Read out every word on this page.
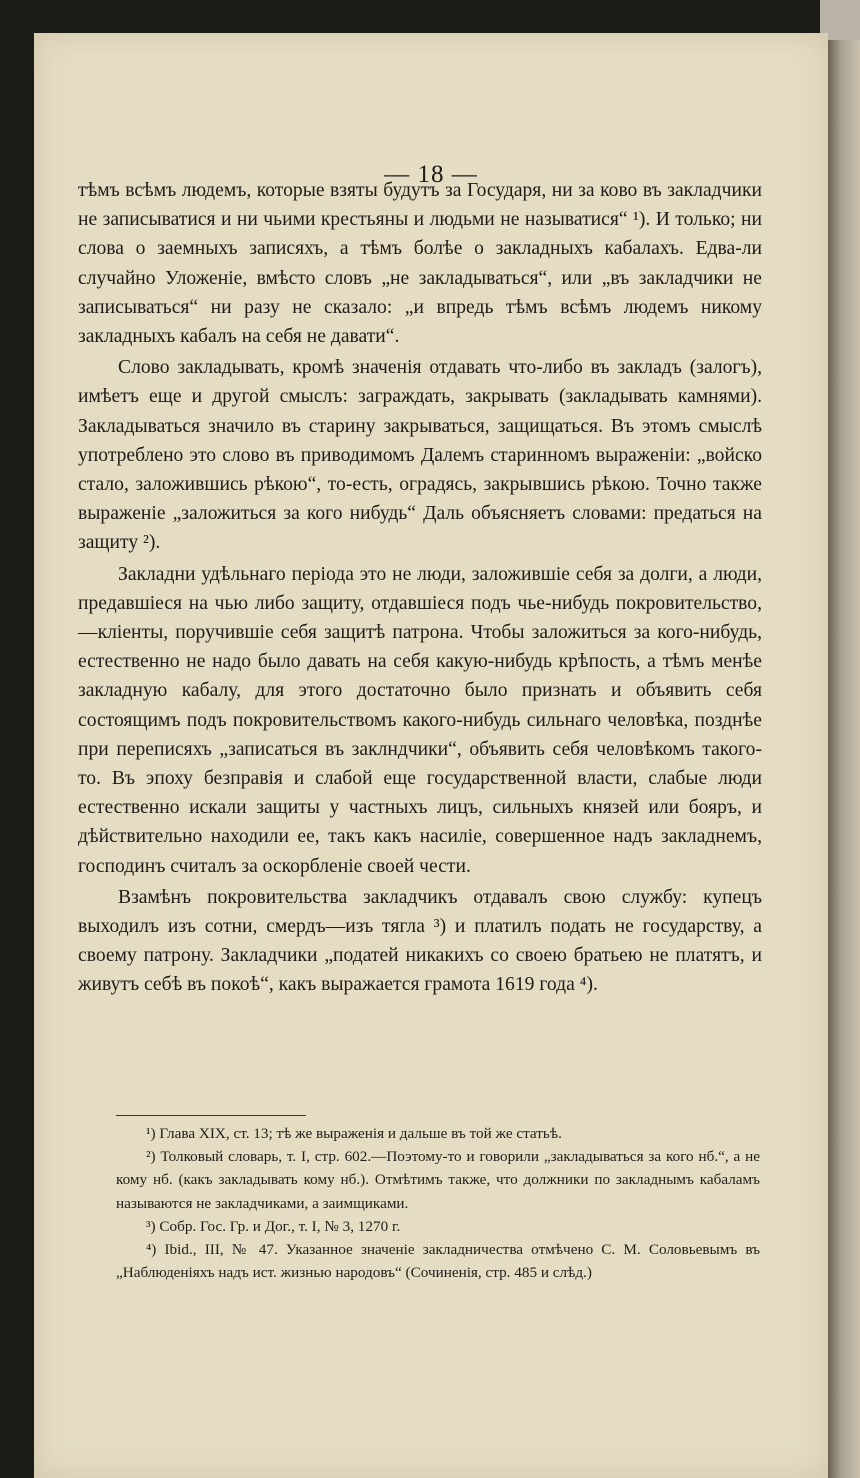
— 18 —

тѣмъ всѣмъ людемъ, которые взяты будутъ за Государя, ни за ково въ закладчики не записыватися и ни чьими крестьяны и людьми не называтися“ ¹). И только; ни слова о заемныхъ записяхъ, а тѣмъ болѣе о закладныхъ кабалахъ. Едва-ли случайно Уложеніе, вмѣсто словъ „не закладываться“, или „въ закладчики не записываться“ ни разу не сказало: „и впредь тѣмъ всѣмъ людемъ никому закладныхъ кабалъ на себя не давати“.

Слово закладывать, кромѣ значенія отдавать что-либо въ закладъ (залогъ), имѣетъ еще и другой смыслъ: заграждать, закрывать (закладывать камнями). Закладываться значило въ старину закрываться, защищаться. Въ этомъ смыслѣ употреблено это слово въ приводимомъ Далемъ старинномъ выраженіи: „войско стало, заложившись рѣкою“, то-есть, оградясь, закрывшись рѣкою. Точно также выраженіе „заложиться за кого нибудь“ Даль объясняетъ словами: предаться на защиту ²).

Закладни удѣльнаго періода это не люди, заложившіе себя за долги, а люди, предавшіеся на чью либо защиту, отдавшіеся подъ чье-нибудь покровительство,—кліенты, поручившіе себя защитѣ патрона. Чтобы заложиться за кого-нибудь, естественно не надо было давать на себя какую-нибудь крѣпость, а тѣмъ менѣе закладную кабалу, для этого достаточно было признать и объявить себя состоящимъ подъ покровительствомъ какого-нибудь сильнаго человѣка, позднѣе при переписяхъ „записаться въ заклндчики“, объявить себя человѣкомъ такого-то. Въ эпоху безправія и слабой еще государственной власти, слабые люди естественно искали защиты у частныхъ лицъ, сильныхъ князей или бояръ, и дѣйствительно находили ее, такъ какъ насиліе, совершенное надъ закладнемъ, господинъ считалъ за оскорбленіе своей чести.

Взамѣнъ покровительства закладчикъ отдавалъ свою службу: купецъ выходилъ изъ сотни, смердъ—изъ тягла ³) и платилъ подать не государству, а своему патрону. Закладчики „податей никакихъ со своею братьею не платятъ, и живутъ себѣ въ покоѣ“, какъ выражается грамота 1619 года ⁴).

¹) Глава XIX, ст. 13; тѣ же выраженія и дальше въ той же статьѣ.

²) Толковый словарь, т. I, стр. 602.—Поэтому-то и говорили „закладываться за кого нб.“, а не кому нб. (какъ закладывать кому нб.). Отмѣтимъ также, что должники по закладнымъ кабаламъ называются не закладчиками, а заимщиками.

³) Собр. Гос. Гр. и Дог., т. I, № 3, 1270 г.

⁴) Ibid., III, № 47. Указанное значеніе закладничества отмѣчено С. М. Соловьевымъ въ „Наблюденіяхъ надъ ист. жизнью народовъ“ (Сочиненія, стр. 485 и слѣд.)
